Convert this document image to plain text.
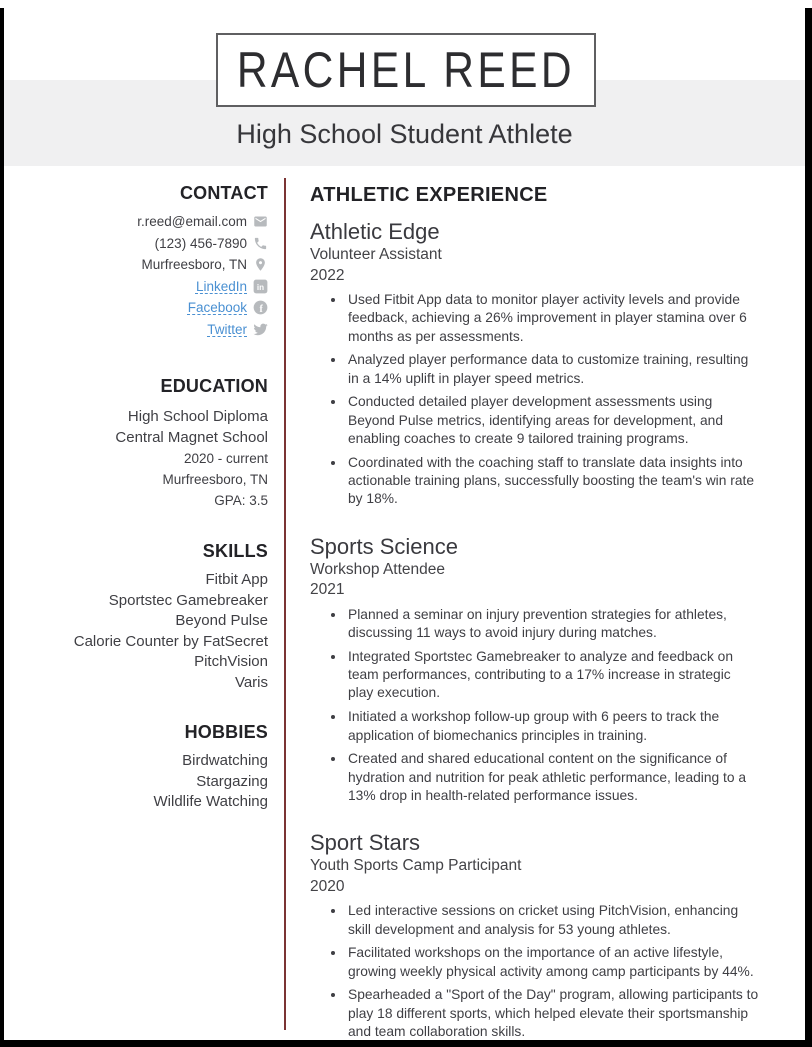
RACHEL REED
High School Student Athlete
CONTACT
r.reed@email.com
(123) 456-7890
Murfreesboro, TN
LinkedIn in
Facebook f
Twitter
EDUCATION
High School Diploma
Central Magnet School
2020 - current
Murfreesboro, TN
GPA: 3.5
SKILLS
Fitbit App
Sportstec Gamebreaker
Beyond Pulse
Calorie Counter by FatSecret
PitchVision
Varis
HOBBIES
Birdwatching
Stargazing
Wildlife Watching
ATHLETIC EXPERIENCE
Athletic Edge
Volunteer Assistant
2022
• Used Fitbit App data to monitor player activity levels and provide feedback, achieving a 26% improvement in player stamina over 6 months as per assessments.
• Analyzed player performance data to customize training, resulting in a 14% uplift in player speed metrics.
• Conducted detailed player development assessments using Beyond Pulse metrics, identifying areas for development, and enabling coaches to create 9 tailored training programs.
• Coordinated with the coaching staff to translate data insights into actionable training plans, successfully boosting the team's win rate by 18%.
Sports Science
Workshop Attendee
2021
• Planned a seminar on injury prevention strategies for athletes, discussing 11 ways to avoid injury during matches.
• Integrated Sportstec Gamebreaker to analyze and feedback on team performances, contributing to a 17% increase in strategic play execution.
• Initiated a workshop follow-up group with 6 peers to track the application of biomechanics principles in training.
• Created and shared educational content on the significance of hydration and nutrition for peak athletic performance, leading to a 13% drop in health-related performance issues.
Sport Stars
Youth Sports Camp Participant
2020
• Led interactive sessions on cricket using PitchVision, enhancing skill development and analysis for 53 young athletes.
• Facilitated workshops on the importance of an active lifestyle, growing weekly physical activity among camp participants by 44%.
• Spearheaded a "Sport of the Day" program, allowing participants to play 18 different sports, which helped elevate their sportsmanship and team collaboration skills.
